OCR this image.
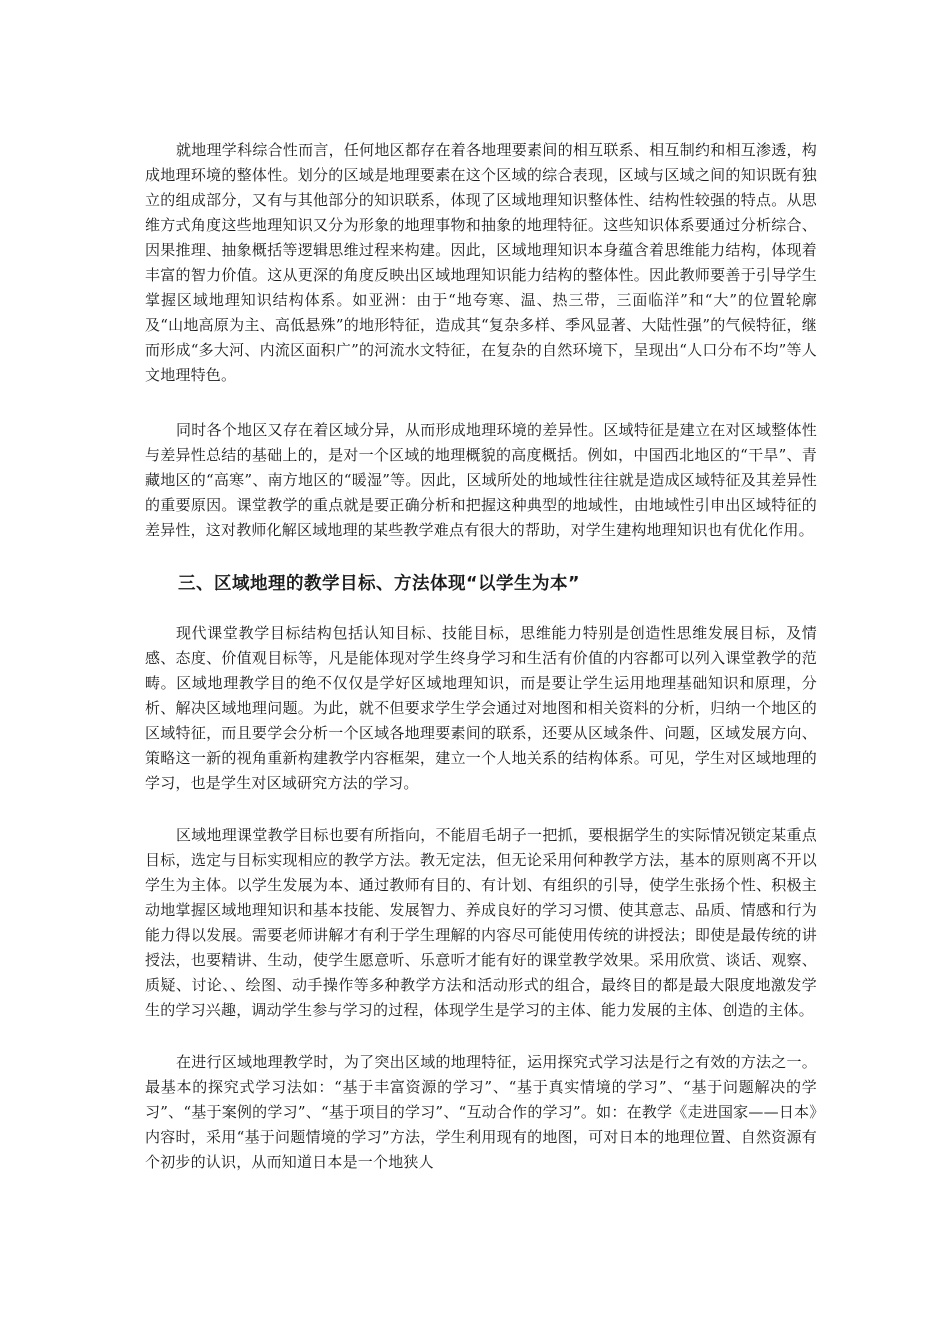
就地理学科综合性而言，任何地区都存在着各地理要素间的相互联系、相互制约和相互渗透，构成地理环境的整体性。划分的区域是地理要素在这个区域的综合表现，区域与区域之间的知识既有独立的组成部分，又有与其他部分的知识联系，体现了区域地理知识整体性、结构性较强的特点。从思维方式角度这些地理知识又分为形象的地理事物和抽象的地理特征。这些知识体系要通过分析综合、因果推理、抽象概括等逻辑思维过程来构建。因此，区域地理知识本身蕴含着思维能力结构，体现着丰富的智力价值。这从更深的角度反映出区域地理知识能力结构的整体性。因此教师要善于引导学生掌握区域地理知识结构体系。如亚洲：由于“地夸寒、温、热三带，三面临洋”和“大”的位置轮廓及“山地高原为主、高低悬殊”的地形特征，造成其“复杂多样、季风显著、大陆性强”的气候特征，继而形成“多大河、内流区面积广”的河流水文特征，在复杂的自然环境下，呈现出“人口分布不均”等人文地理特色。

同时各个地区又存在着区域分异，从而形成地理环境的差异性。区域特征是建立在对区域整体性与差异性总结的基础上的，是对一个区域的地理概貌的高度概括。例如，中国西北地区的“干旱”、青藏地区的“高寒”、南方地区的“暖湿”等。因此，区域所处的地域性往往就是造成区域特征及其差异性的重要原因。课堂教学的重点就是要正确分析和把握这种典型的地域性，由地域性引申出区域特征的差异性，这对教师化解区域地理的某些教学难点有很大的帮助，对学生建构地理知识也有优化作用。

三、区域地理的教学目标、方法体现“以学生为本”

现代课堂教学目标结构包括认知目标、技能目标，思维能力特别是创造性思维发展目标，及情感、态度、价值观目标等，凡是能体现对学生终身学习和生活有价值的内容都可以列入课堂教学的范畴。区域地理教学目的绝不仅仅是学好区域地理知识，而是要让学生运用地理基础知识和原理，分析、解决区域地理问题。为此，就不但要求学生学会通过对地图和相关资料的分析，归纳一个地区的区域特征，而且要学会分析一个区域各地理要素间的联系，还要从区域条件、问题，区域发展方向、策略这一新的视角重新构建教学内容框架，建立一个人地关系的结构体系。可见，学生对区域地理的学习，也是学生对区域研究方法的学习。

区域地理课堂教学目标也要有所指向，不能眉毛胡子一把抓，要根据学生的实际情况锁定某重点目标，选定与目标实现相应的教学方法。教无定法，但无论采用何种教学方法，基本的原则离不开以学生为主体。以学生发展为本、通过教师有目的、有计划、有组织的引导，使学生张扬个性、积极主动地掌握区域地理知识和基本技能、发展智力、养成良好的学习习惯、使其意志、品质、情感和行为能力得以发展。需要老师讲解才有利于学生理解的内容尽可能使用传统的讲授法；即使是最传统的讲授法，也要精讲、生动，使学生愿意听、乐意听才能有好的课堂教学效果。采用欣赏、谈话、观察、质疑、讨论、、绘图、动手操作等多种教学方法和活动形式的组合，最终目的都是最大限度地激发学生的学习兴趣，调动学生参与学习的过程，体现学生是学习的主体、能力发展的主体、创造的主体。

在进行区域地理教学时，为了突出区域的地理特征，运用探究式学习法是行之有效的方法之一。最基本的探究式学习法如：“基于丰富资源的学习”、“基于真实情境的学习”、“基于问题解决的学习”、“基于案例的学习”、“基于项目的学习”、“互动合作的学习”。如：在教学《走进国家——日本》内容时，采用“基于问题情境的学习”方法，学生利用现有的地图，可对日本的地理位置、自然资源有个初步的认识，从而知道日本是一个地狭人
